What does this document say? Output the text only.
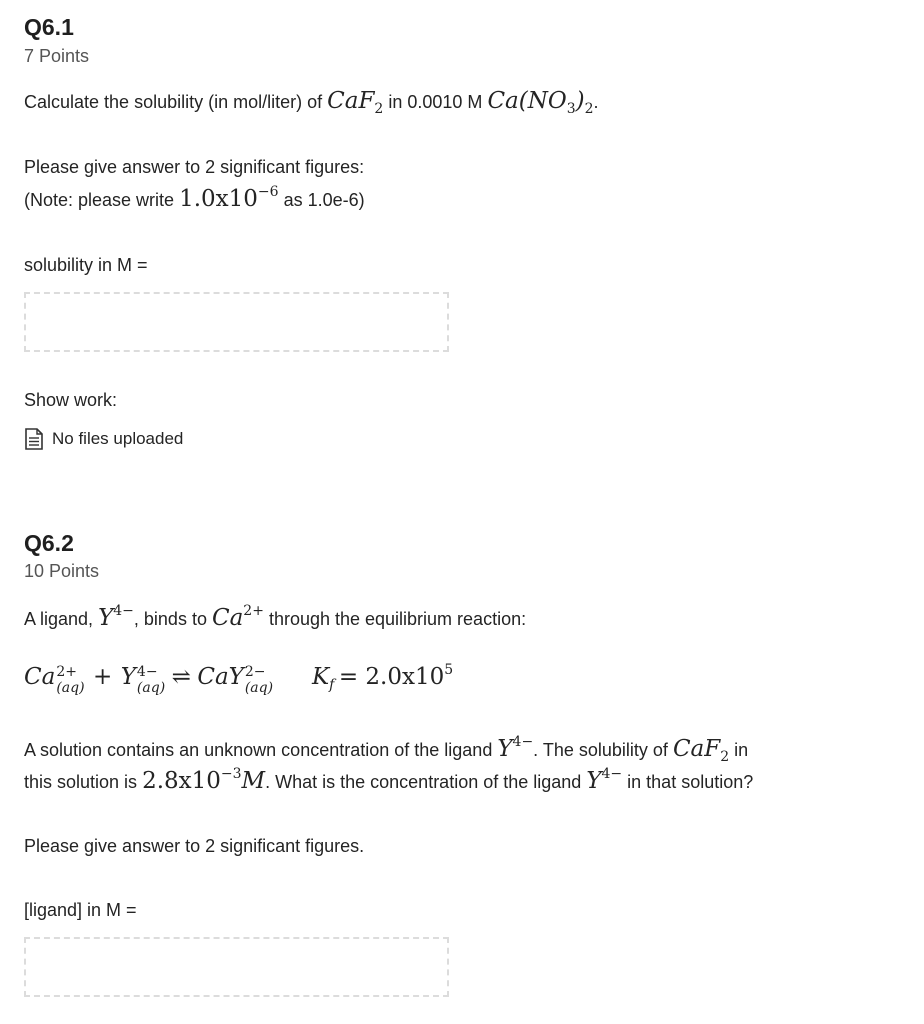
Q6.1
7 Points
Calculate the solubility (in mol/liter) of CaF$_2$ in 0.0010 M $Ca(NO_3)_2$.
Please give answer to 2 significant figures:
(Note: please write $1.0x10^{-6}$ as 1.0e-6)
solubility in M =
Show work:
No files uploaded
Q6.2
10 Points
A ligand, $Y^{4-}$, binds to $Ca^{2+}$ through the equilibrium reaction:
Ca 2+
(aq) + Y 4−
(aq) ⇌ CaY 2−
(aq) $K_f = 2.0x10^5$
A solution contains an unknown concentration of the ligand $Y^{4-}$. The solubility of CaF$_2$ in
this solution is $2.8x10^{-3}M$. What is the concentration of the ligand $Y^{4-}$ in that solution?
Please give answer to 2 significant figures.
[ligand] in M =
